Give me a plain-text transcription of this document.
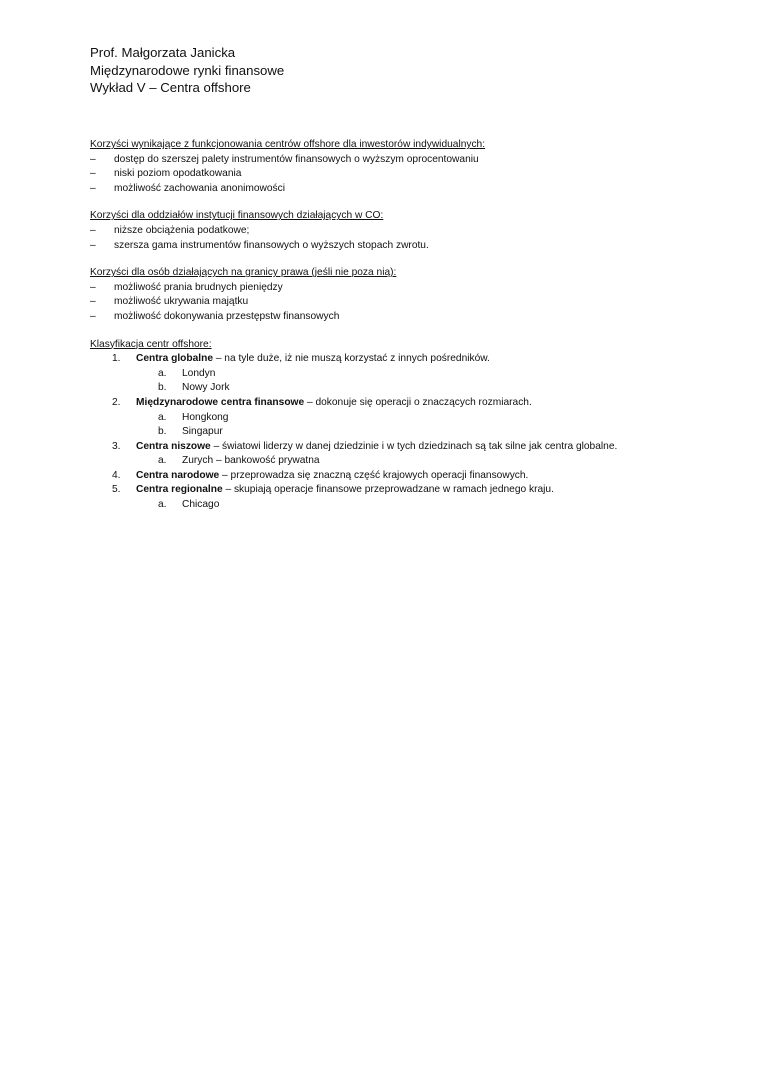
Prof. Małgorzata Janicka
Międzynarodowe rynki finansowe
Wykład V – Centra offshore
Korzyści wynikające z funkcjonowania centrów offshore dla inwestorów indywidualnych:
– dostęp do szerszej palety instrumentów finansowych o wyższym oprocentowaniu
– niski poziom opodatkowania
– możliwość zachowania anonimowości
Korzyści dla oddziałów instytucji finansowych działających w CO:
– niższe obciążenia podatkowe;
– szersza gama instrumentów finansowych o wyższych stopach zwrotu.
Korzyści dla osób działających na granicy prawa (jeśli nie poza nią):
– możliwość prania brudnych pieniędzy
– możliwość ukrywania majątku
– możliwość dokonywania przestępstw finansowych
Klasyfikacja centr offshore:
1. Centra globalne – na tyle duże, iż nie muszą korzystać z innych pośredników.
a. Londyn
b. Nowy Jork
2. Międzynarodowe centra finansowe – dokonuje się operacji o znaczących rozmiarach.
a. Hongkong
b. Singapur
3. Centra niszowe – światowi liderzy w danej dziedzinie i w tych dziedzinach są tak silne jak centra globalne.
a. Zurych – bankowość prywatna
4. Centra narodowe – przeprowadza się znaczną część krajowych operacji finansowych.
5. Centra regionalne – skupiają operacje finansowe przeprowadzane w ramach jednego kraju.
a. Chicago
